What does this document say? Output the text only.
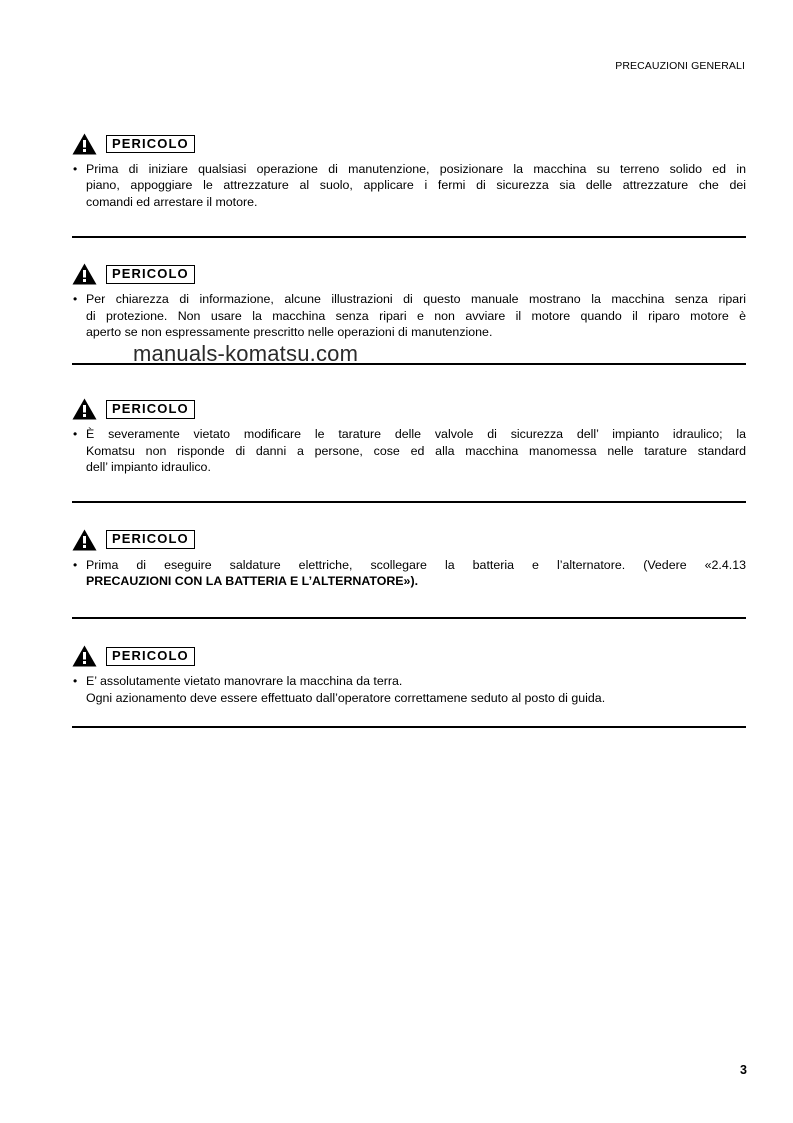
PRECAUZIONI GENERALI
PERICOLO
• Prima di iniziare qualsiasi operazione di manutenzione, posizionare la macchina su terreno solido ed in

piano, appoggiare le attrezzature al suolo, applicare i fermi di sicurezza sia delle attrezzature che dei

comandi ed arrestare il motore.

PERICOLO
• Per chiarezza di informazione, alcune illustrazioni di questo manuale mostrano la macchina senza ripari

di protezione. Non usare la macchina senza ripari e non avviare il motore quando il riparo motore è

aperto se non espressamente prescritto nelle operazioni di manutenzione.

PERICOLO
• È severamente vietato modificare le tarature delle valvole di sicurezza dell’ impianto idraulico; la

Komatsu non risponde di danni a persone, cose ed alla macchina manomessa nelle tarature standard

dell’ impianto idraulico.

PERICOLO
• Prima di eseguire saldature elettriche, scollegare la batteria e l’alternatore. (Vedere «2.4.13

PRECAUZIONI CON LA BATTERIA E L’ALTERNATORE»).

PERICOLO
• E’ assolutamente vietato manovrare la macchina da terra.

Ogni azionamento deve essere effettuato dall’operatore correttamene seduto al posto di guida.

manuals-komatsu.com
3
